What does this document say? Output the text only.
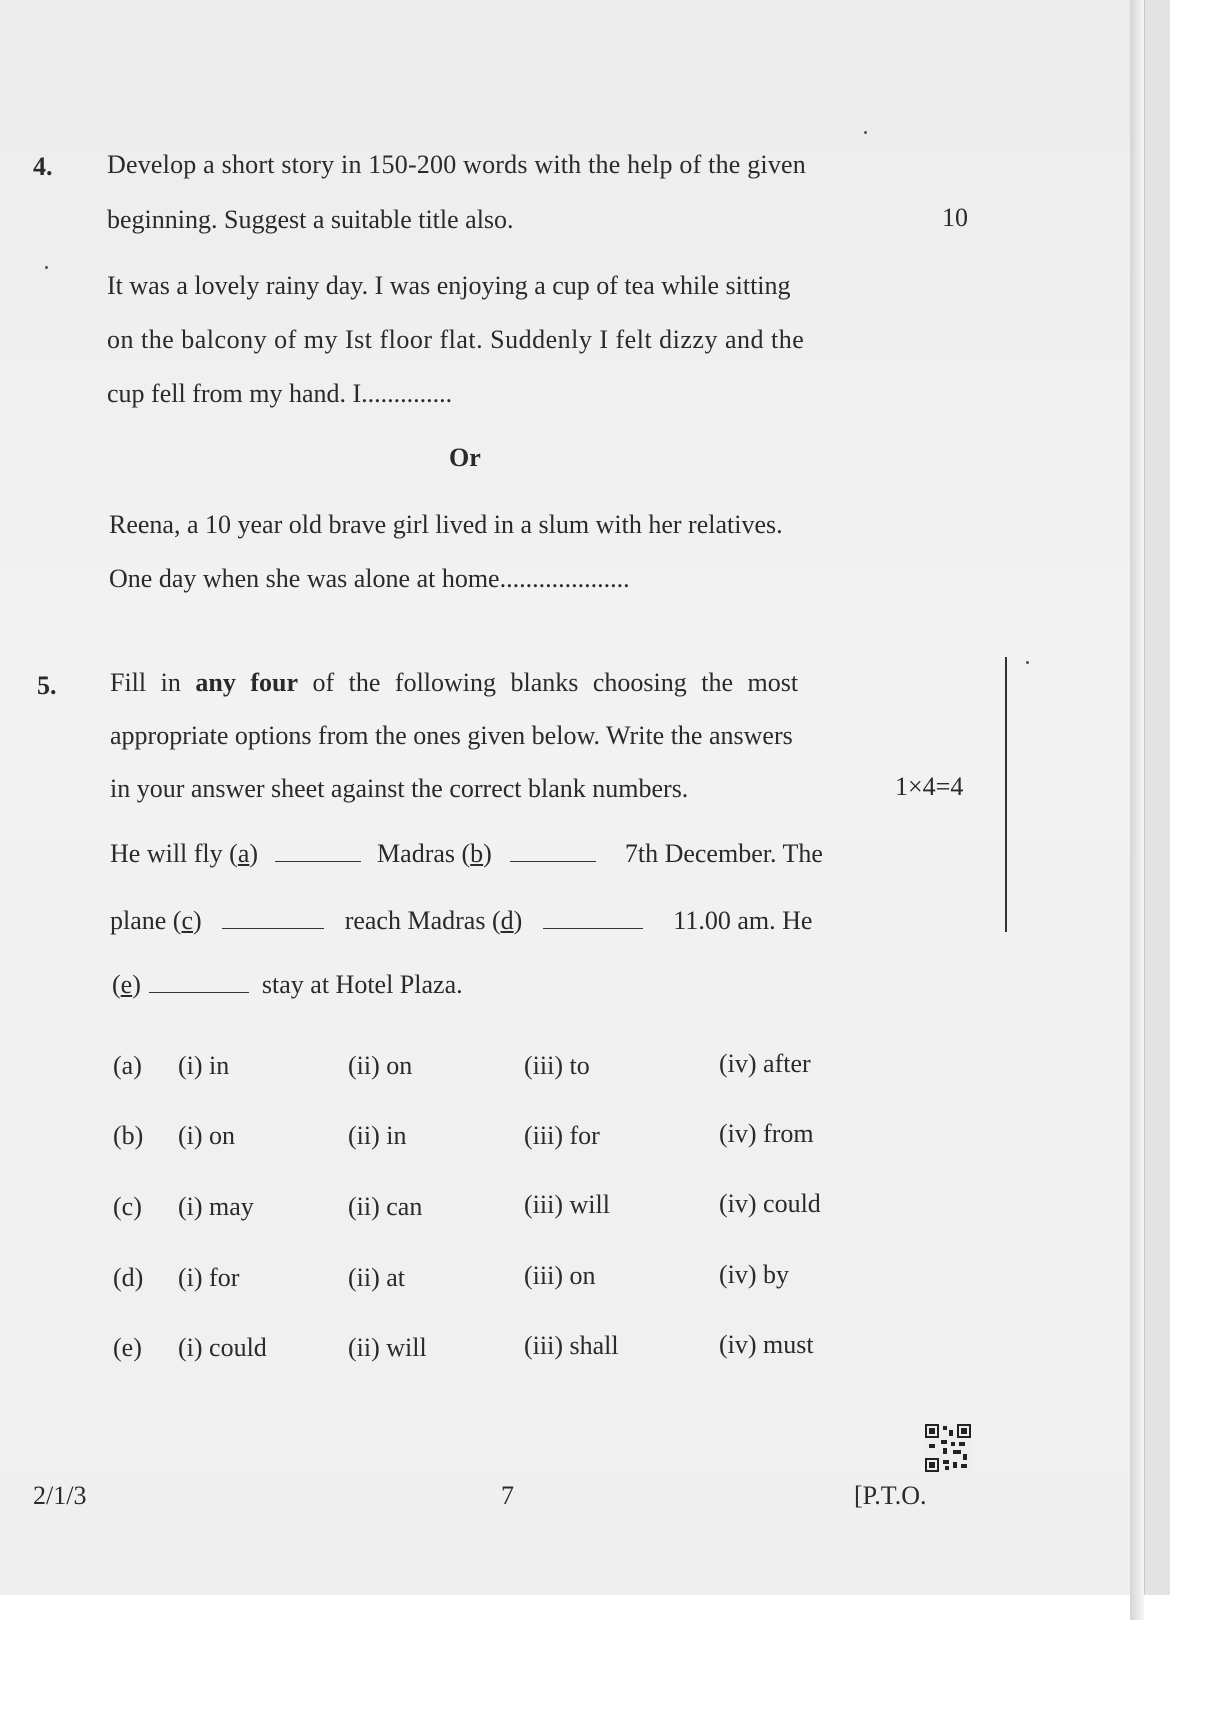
4. Develop a short story in 150-200 words with the help of the given
beginning. Suggest a suitable title also.	10
It was a lovely rainy day. I was enjoying a cup of tea while sitting
on the balcony of my Ist floor flat. Suddenly I felt dizzy and the
cup fell from my hand. I..............
Or
Reena, a 10 year old brave girl lived in a slum with her relatives.
One day when she was alone at home....................
5. Fill in any four of the following blanks choosing the most
appropriate options from the ones given below. Write the answers
in your answer sheet against the correct blank numbers.	1×4=4
He will fly (a)	Madras (b)	7th December. The
plane (c)	reach Madras (d)	11.00 am. He
(e)	stay at Hotel Plaza.
(a) (i) in	(ii) on	(iii) to	(iv) after
(b) (i) on	(ii) in	(iii) for	(iv) from
(c) (i) may	(ii) can	(iii) will	(iv) could
(d) (i) for	(ii) at	(iii) on	(iv) by
(e) (i) could	(ii) will	(iii) shall	(iv) must
2/1/3	7	[P.T.O.
